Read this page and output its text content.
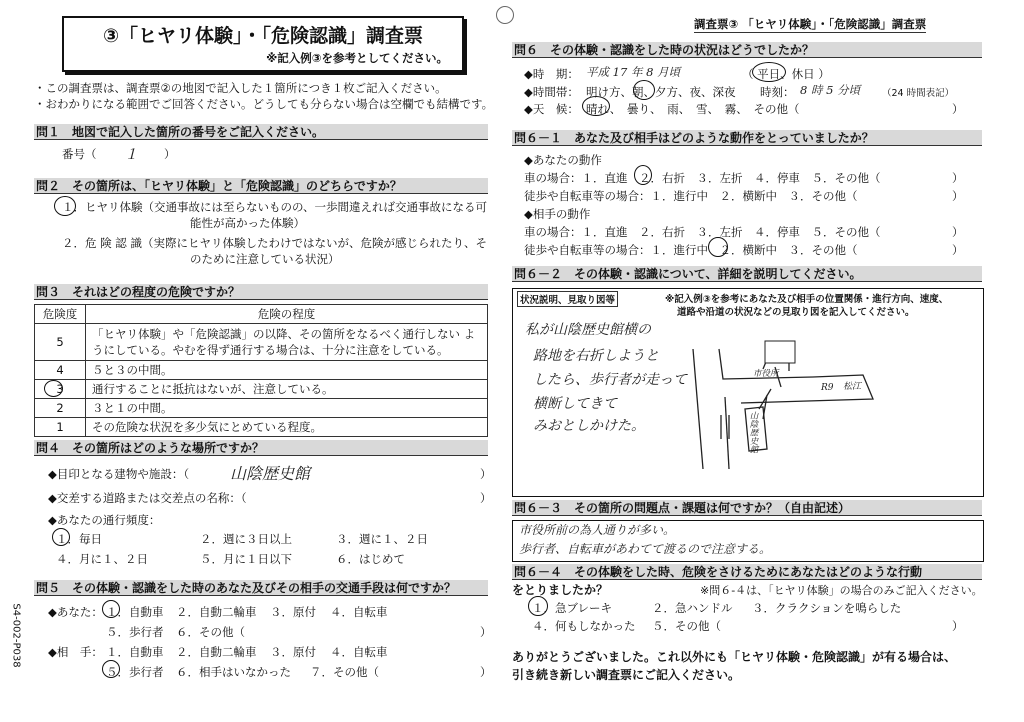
③「ヒヤリ体験」・「危険認識」調査票
※記入例③を参考としてください。
調査票③ 「ヒヤリ体験」・「危険認識」調査票
・この調査票は、調査票②の地図で記入した１箇所につき１枚ご記入ください。
・おわかりになる範囲でご回答ください。どうしても分らない場合は空欄でも結構です。
問１　地図で記入した箇所の番号をご記入ください。
番号（ １ ）
問２　その箇所は、「ヒヤリ体験」と「危険認識」のどちらですか？
１．ヒヤリ体験（交通事故には至らないものの、一歩間違えれば交通事故になる可
能性が高かった体験）
２．危 険 認 識（実際にヒヤリ体験したわけではないが、危険が感じられたり、そ
のために注意している状況）
問３　それはどの程度の危険ですか？
危険度	危険の程度
5	「ヒヤリ体験」や「危険認識」の以降、その箇所をなるべく通行しない ようにしている。やむを得ず通行する場合は、十分に注意をしている。
4	５と３の中間。
3	通行することに抵抗はないが、注意している。
2	３と１の中間。
1	その危険な状況を多少気にとめている程度。
問４　その箇所はどのような場所ですか？
◆目印となる建物や施設：（	山陰歴史館	）
◆交差する道路または交差点の名称：（	）
◆あなたの通行頻度：
１．毎日	２．週に３日以上	３．週に１、２日
４．月に１、２日	５．月に１日以下	６．はじめて
問５　その体験・認識をした時のあなた及びその相手の交通手段は何ですか？
◆あなた： １．自動車 ２．自動二輪車 ３．原付 ４．自転車
５．歩行者 ６．その他（	）
◆相　手： １．自動車 ２．自動二輪車 ３．原付 ４．自転車
５．歩行者 ６．相手はいなかった ７．その他（	）
S4-002-P038
問６　その体験・認識をした時の状況はどうでしたか？
◆時　期： 平成 17 年 8 月頃	（ 平日、休日 ）
◆時間帯： 明け方、朝、夕方、夜、深夜 時刻： 8 時 5 分頃 （24 時間表記）
◆天　候： 晴れ、　曇り、　雨、　雪、　霧、　その他（	）
問６－１　あなた及び相手はどのような動作をとっていましたか？
◆あなたの動作
車の場合：１．直進　２．右折　３．左折　４．停車　５．その他（	）
徒歩や自転車等の場合：１．進行中　２．横断中　３．その他（	）
◆相手の動作
車の場合：１．直進　２．右折　３．左折　４．停車　５．その他（	）
徒歩や自転車等の場合：１．進行中　２．横断中　３．その他（	）
問６－２　その体験・認識について、詳細を説明してください。
状況説明、見取り図等	※記入例③を参考にあなた及び相手の位置関係・進行方向、速度、
道路や沿道の状況などの見取り図を記入してください。
私が山陰歴史館横の
路地を右折しようと
したら、歩行者が走って
横断してきて
みおとしかけた。
市役所
山陰歴史館
R9 松江
問６－３　その箇所の問題点・課題は何ですか？（自由記述）
市役所前の為人通りが多い。
歩行者、自転車があわてて渡るので注意する。
問６－４　その体験をした時、危険をさけるためにあなたはどのような行動
をとりましたか？	※問６-４は、「ヒヤリ体験」の場合のみご記入ください。
１．急ブレーキ	２．急ハンドル ３．クラクションを鳴らした
４．何もしなかった ５．その他（	）
ありがとうございました。これ以外にも「ヒヤリ体験・危険認識」が有る場合は、
引き続き新しい調査票にご記入ください。
